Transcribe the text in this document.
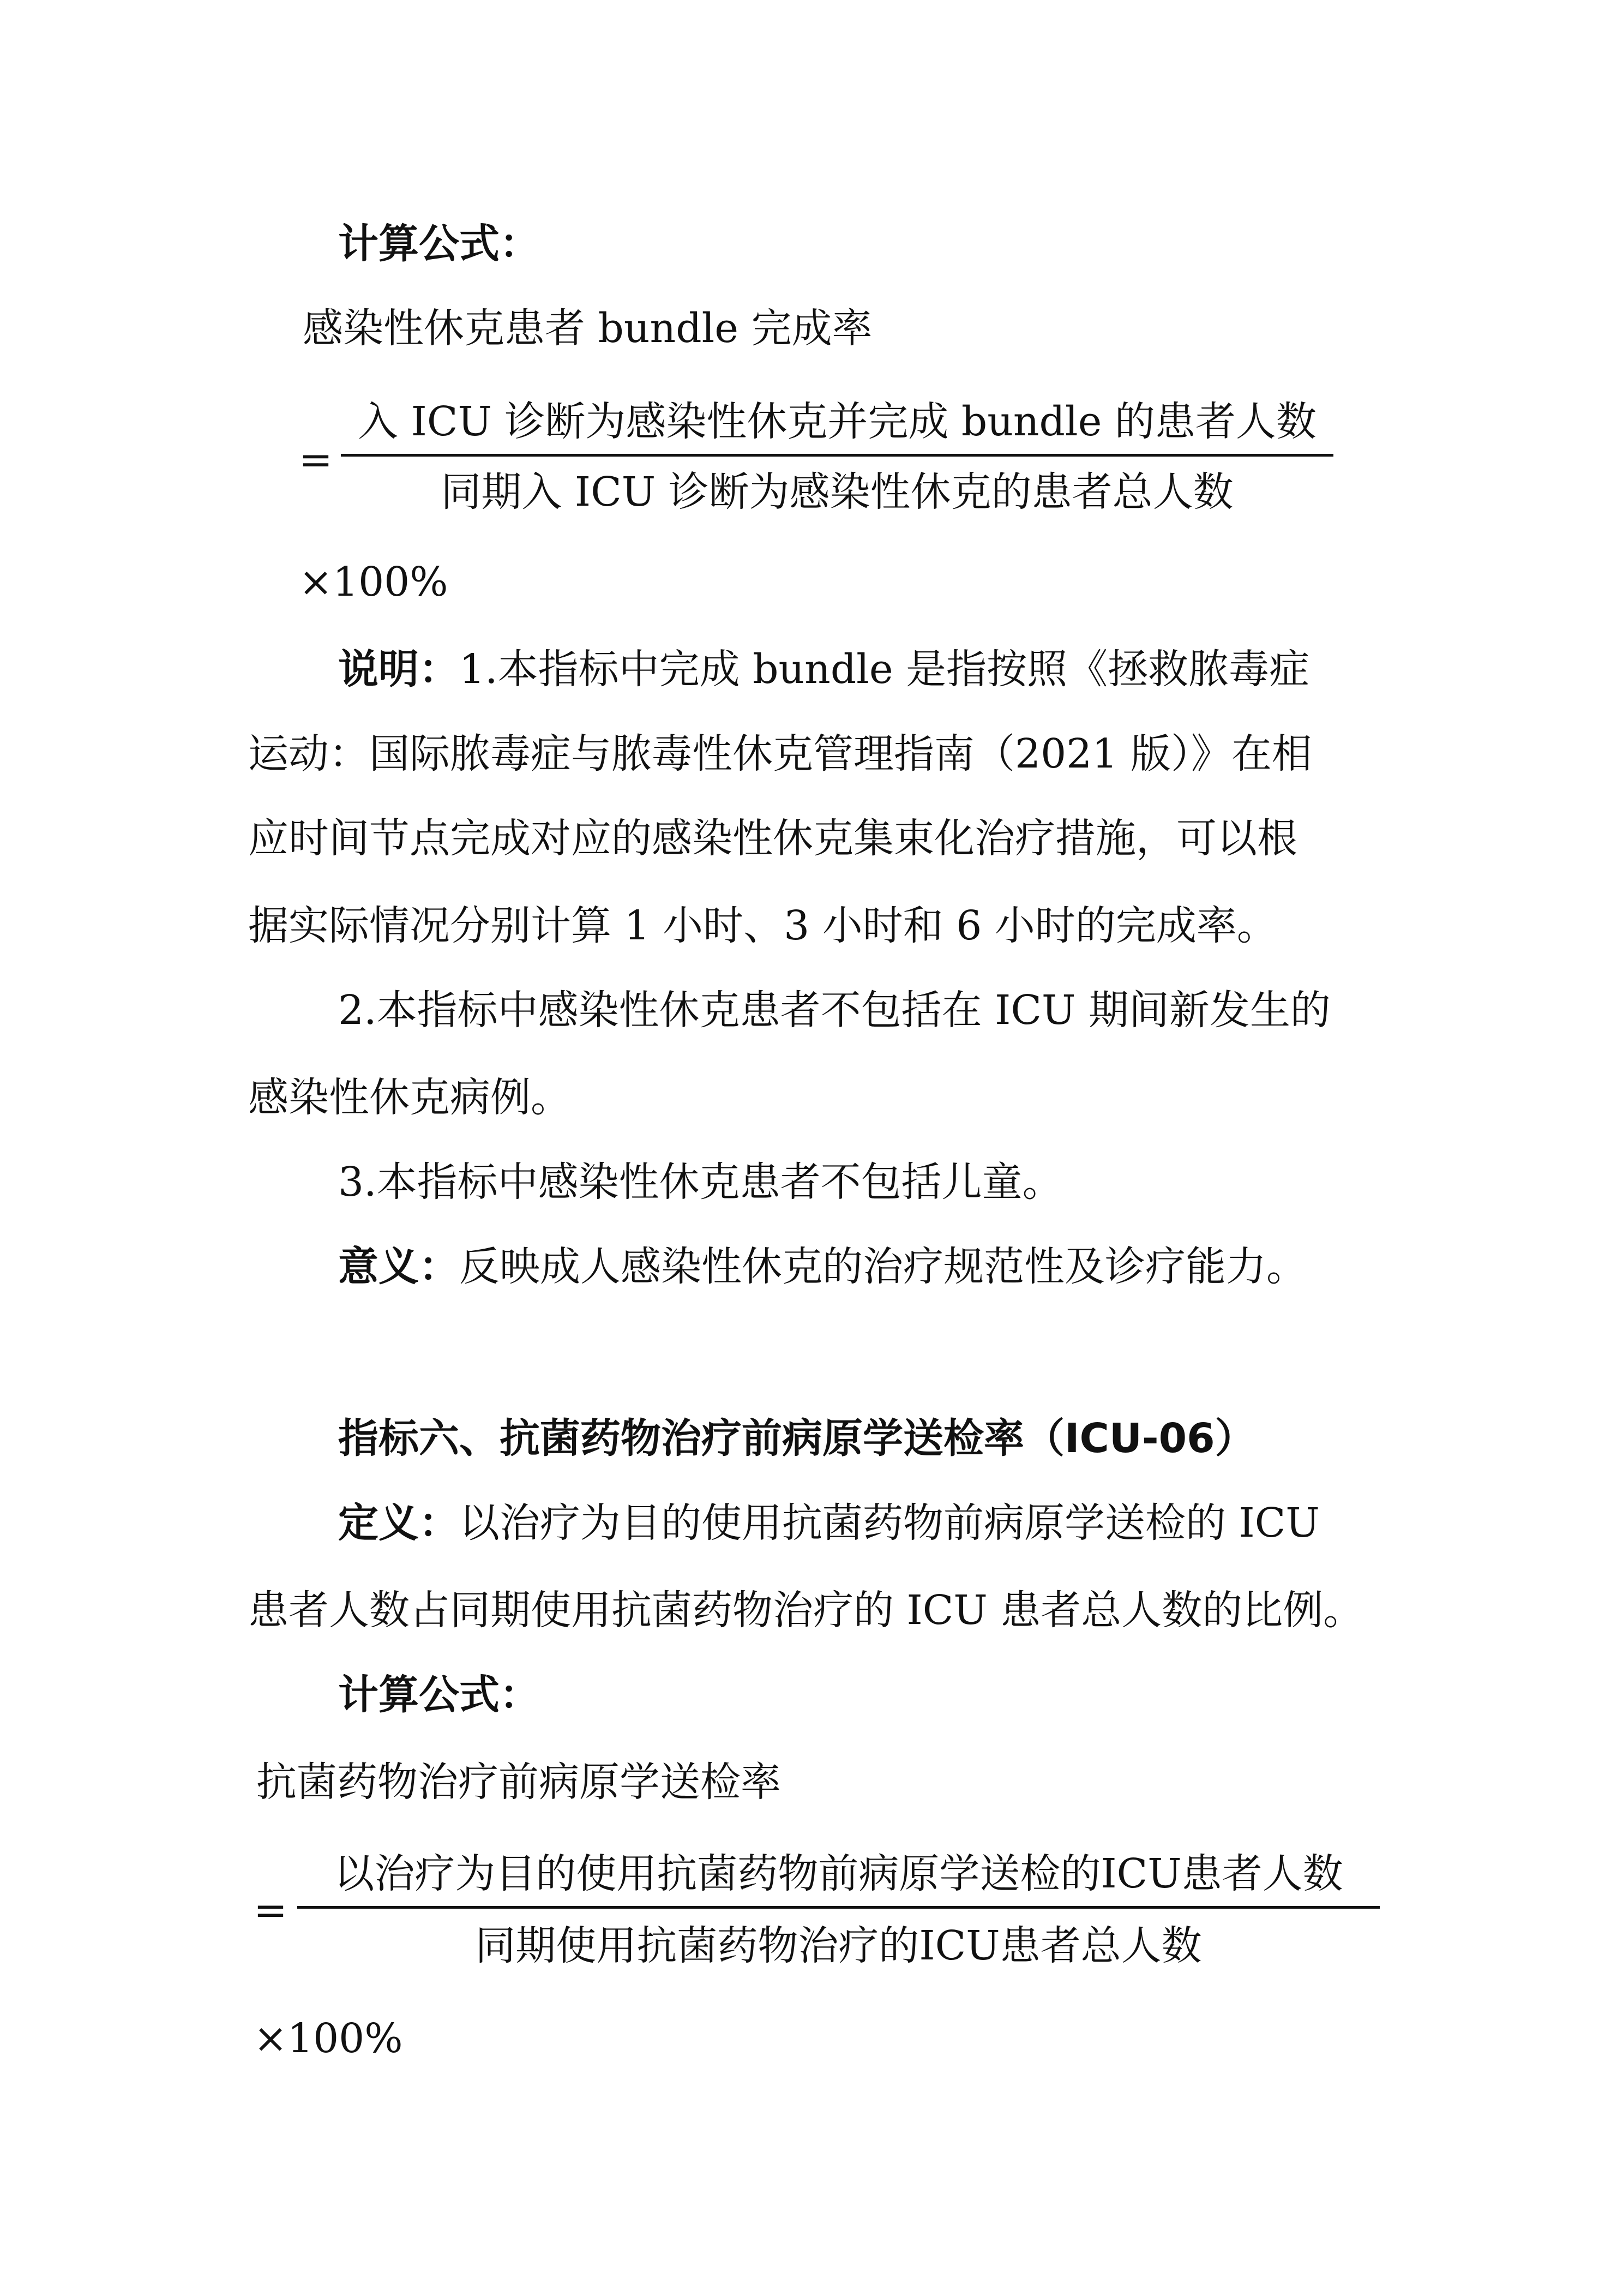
计算公式：
感染性休克患者 bundle 完成率
=
入 ICU 诊断为感染性休克并完成 bundle 的患者人数
同期入 ICU 诊断为感染性休克的患者总人数
×100%
说明：1.本指标中完成 bundle 是指按照《拯救脓毒症
运动：国际脓毒症与脓毒性休克管理指南（2021 版）》在相
应时间节点完成对应的感染性休克集束化治疗措施，可以根
据实际情况分别计算 1 小时、3 小时和 6 小时的完成率。
2.本指标中感染性休克患者不包括在 ICU 期间新发生的
感染性休克病例。
3.本指标中感染性休克患者不包括儿童。
意义：反映成人感染性休克的治疗规范性及诊疗能力。
指标六、抗菌药物治疗前病原学送检率（ICU-06）
定义：以治疗为目的使用抗菌药物前病原学送检的 ICU
患者人数占同期使用抗菌药物治疗的 ICU 患者总人数的比例。
计算公式：
抗菌药物治疗前病原学送检率
=
以治疗为目的使用抗菌药物前病原学送检的ICU患者人数
同期使用抗菌药物治疗的ICU患者总人数
×100%
